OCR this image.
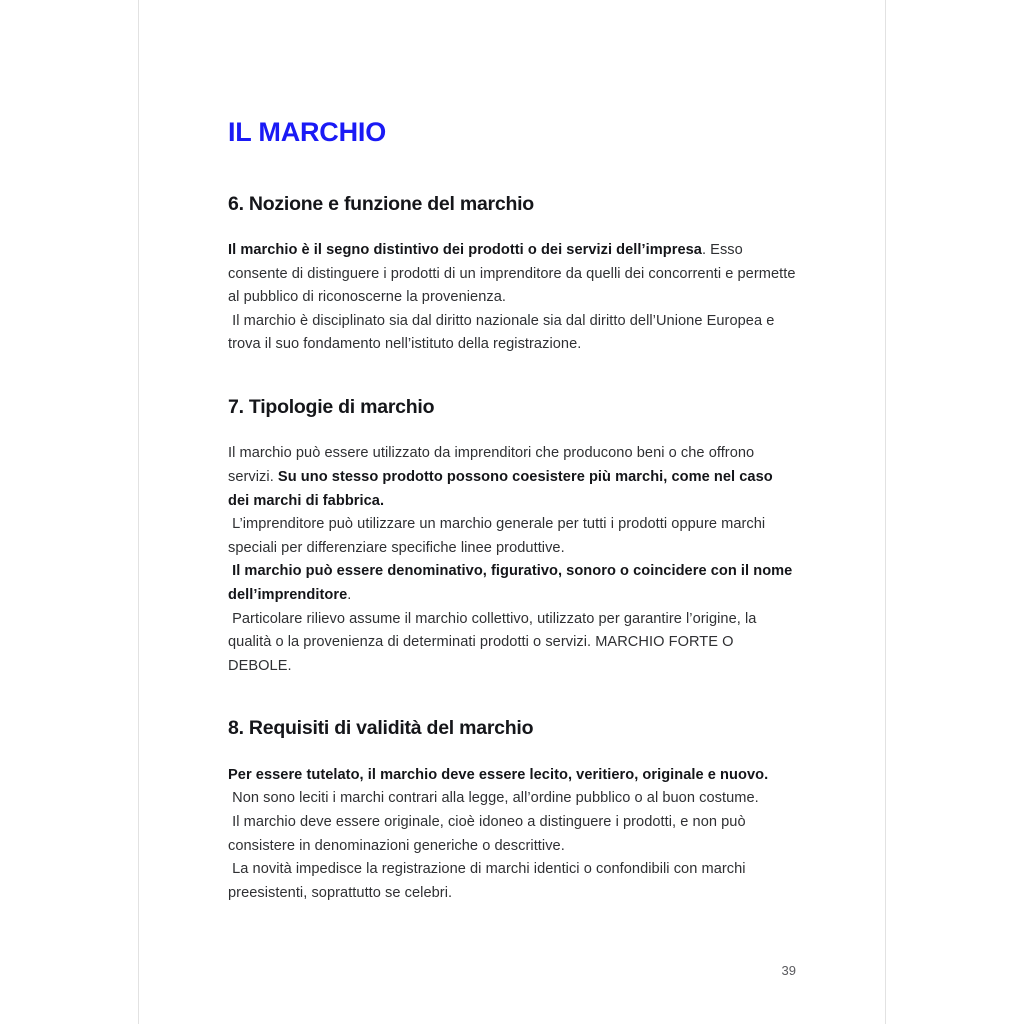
IL MARCHIO
6. Nozione e funzione del marchio

Il marchio è il segno distintivo dei prodotti o dei servizi dell’impresa. Esso consente di distinguere i prodotti di un imprenditore da quelli dei concorrenti e permette al pubblico di riconoscerne la provenienza.

Il marchio è disciplinato sia dal diritto nazionale sia dal diritto dell’Unione Europea e trova il suo fondamento nell’istituto della registrazione.

7. Tipologie di marchio

Il marchio può essere utilizzato da imprenditori che producono beni o che offrono servizi. Su uno stesso prodotto possono coesistere più marchi, come nel caso dei marchi di fabbrica.

L’imprenditore può utilizzare un marchio generale per tutti i prodotti oppure marchi speciali per differenziare specifiche linee produttive.

Il marchio può essere denominativo, figurativo, sonoro o coincidere con il nome dell’imprenditore.

Particolare rilievo assume il marchio collettivo, utilizzato per garantire l’origine, la qualità o la provenienza di determinati prodotti o servizi. MARCHIO FORTE O DEBOLE.

8. Requisiti di validità del marchio

Per essere tutelato, il marchio deve essere lecito, veritiero, originale e nuovo.

Non sono leciti i marchi contrari alla legge, all’ordine pubblico o al buon costume.

Il marchio deve essere originale, cioè idoneo a distinguere i prodotti, e non può consistere in denominazioni generiche o descrittive.

La novità impedisce la registrazione di marchi identici o confondibili con marchi preesistenti, soprattutto se celebri.

39
